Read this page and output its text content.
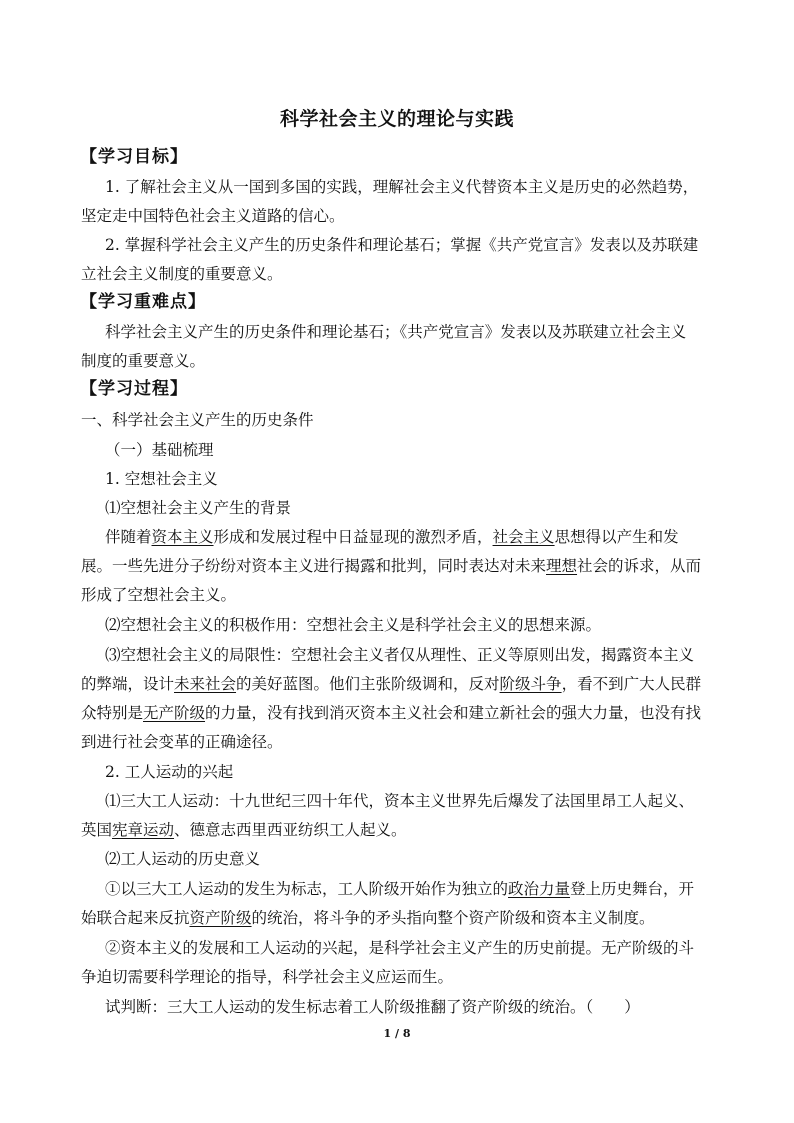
科学社会主义的理论与实践
【学习目标】
1. 了解社会主义从一国到多国的实践，理解社会主义代替资本主义是历史的必然趋势，
坚定走中国特色社会主义道路的信心。
2. 掌握科学社会主义产生的历史条件和理论基石；掌握《共产党宣言》发表以及苏联建
立社会主义制度的重要意义。
【学习重难点】
科学社会主义产生的历史条件和理论基石；《共产党宣言》发表以及苏联建立社会主义
制度的重要意义。
【学习过程】
一、科学社会主义产生的历史条件
（一）基础梳理
1. 空想社会主义
⑴空想社会主义产生的背景
伴随着资本主义形成和发展过程中日益显现的激烈矛盾，社会主义思想得以产生和发
展。一些先进分子纷纷对资本主义进行揭露和批判，同时表达对未来理想社会的诉求，从而
形成了空想社会主义。
⑵空想社会主义的积极作用：空想社会主义是科学社会主义的思想来源。
⑶空想社会主义的局限性：空想社会主义者仅从理性、正义等原则出发，揭露资本主义
的弊端，设计未来社会的美好蓝图。他们主张阶级调和，反对阶级斗争，看不到广大人民群
众特别是无产阶级的力量，没有找到消灭资本主义社会和建立新社会的强大力量，也没有找
到进行社会变革的正确途径。
2. 工人运动的兴起
⑴三大工人运动：十九世纪三四十年代，资本主义世界先后爆发了法国里昂工人起义、
英国宪章运动、德意志西里西亚纺织工人起义。
⑵工人运动的历史意义
①以三大工人运动的发生为标志，工人阶级开始作为独立的政治力量登上历史舞台，开
始联合起来反抗资产阶级的统治，将斗争的矛头指向整个资产阶级和资本主义制度。
②资本主义的发展和工人运动的兴起，是科学社会主义产生的历史前提。无产阶级的斗
争迫切需要科学理论的指导，科学社会主义应运而生。
试判断：三大工人运动的发生标志着工人阶级推翻了资产阶级的统治。（　　）
1 / 8
